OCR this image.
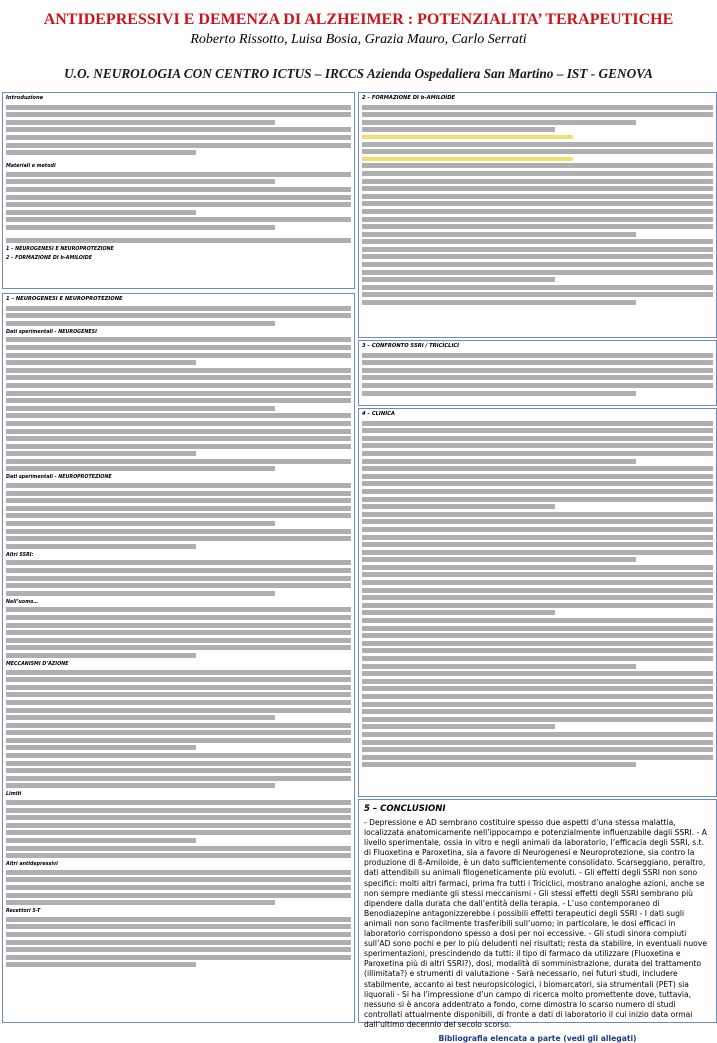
ANTIDEPRESSIVI E DEMENZA DI ALZHEIMER : POTENZIALITA’ TERAPEUTICHE
Roberto Rissotto, Luisa Bosia, Grazia Mauro, Carlo Serrati
U.O. NEUROLOGIA CON CENTRO ICTUS – IRCCS Azienda Ospedaliera San Martino – IST - GENOVA
Introduzione
Materiali e metodi
1 – NEUROGENESI E NEUROPROTEZIONE
2 – FORMAZIONE DI b-AMILOIDE
1 – NEUROGENESI E NEUROPROTEZIONE
Dati sperimentali - NEUROGENESI
Dati sperimentali - NEUROPROTEZIONE
Altri SSRI:
Nell’uomo…
MECCANISMI D’AZIONE
Limiti
Altri antidepressivi
Recettori 5-T
2 – FORMAZIONE DI b-AMILOIDE
3 – CONFRONTO SSRI / TRICICLICI
4 – CLINICA
5 – CONCLUSIONI
- Depressione e AD sembrano costituire spesso due aspetti d’una stessa malattia, localizzata anatomicamente nell’ippocampo e potenzialmente influenzabile dagli SSRI. - A livello sperimentale, ossia in vitro e negli animali da laboratorio, l’efficacia degli SSRI, s.t. di Fluoxetina e Paroxetina, sia a favore di Neurogenesi e Neuroprotezione, sia contro la produzione di ß-Amiloide, è un dato sufficientemente consolidato. Scarseggiano, peraltro, dati attendibili su animali filogeneticamente più evoluti. - Gli effetti degli SSRI non sono specifici: molti altri farmaci, prima fra tutti i Triciclici, mostrano analoghe azioni, anche se non sempre mediante gli stessi meccanismi - Gli stessi effetti degli SSRI sembrano più dipendere dalla durata che dall’entità della terapia. - L’uso contemporaneo di Benodiazepine antagonizzerebbe i possibili effetti terapeutici degli SSRI - I dati sugli animali non sono facilmente trasferibili sull’uomo; in particolare, le dosi efficaci in laboratorio corrispondono spesso a dosi per noi eccessive. - Gli studi sinora compiuti sull’AD sono pochi e per lo più deludenti nei risultati; resta da stabilire, in eventuali nuove sperimentazioni, prescindendo da tutti: il tipo di farmaco da utilizzare (Fluoxetina e Paroxetina più di altri SSRI?), dosi, modalità di somministrazione, durata del trattamento (illimitata?) e strumenti di valutazione - Sarà necessario, nei futuri studi, includere stabilmente, accanto ai test neuropsicologici, i biomarcatori, sia strumentali (PET) sia liquorali - Si ha l’impressione d’un campo di ricerca molto promettente dove, tuttavia, nessuno si è ancora addentrato a fondo, come dimostra lo scarso numero di studi controllati attualmente disponibili, di fronte a dati di laboratorio il cui inizio data ormai dall’ultimo decennio del secolo scorso.
Bibliografia elencata a parte (vedi gli allegati)
